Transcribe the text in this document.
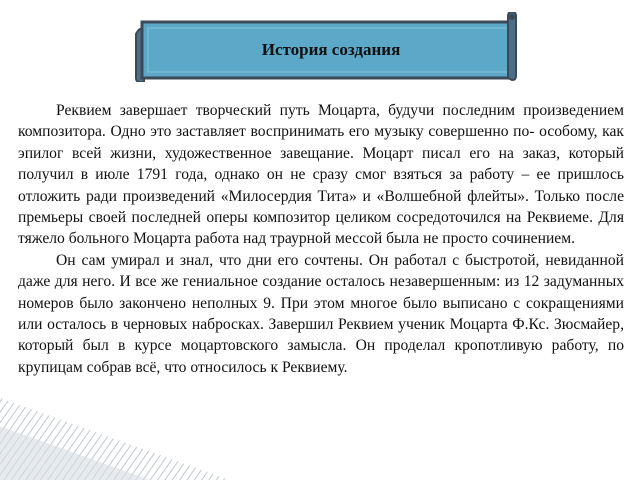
История создания

Реквием завершает творческий путь Моцарта, будучи последним произведением композитора. Одно это заставляет воспринимать его музыку совершенно по- особому, как эпилог всей жизни, художественное завещание. Моцарт писал его на заказ, который получил в июле 1791 года, однако он не сразу смог взяться за работу – ее пришлось отложить ради произведений «Милосердия Тита» и «Волшебной флейты». Только после премьеры своей последней оперы композитор целиком сосредоточился на Реквиеме. Для тяжело больного Моцарта работа над траурной мессой была не просто сочинением.

Он сам умирал и знал, что дни его сочтены. Он работал с быстротой, невиданной даже для него. И все же гениальное создание осталось незавершенным: из 12 задуманных номеров было закончено неполных 9. При этом многое было выписано с сокращениями или осталось в черновых набросках. Завершил Реквием ученик Моцарта Ф.Кс. Зюсмайер, который был в курсе моцартовского замысла. Он проделал кропотливую работу, по крупицам собрав всё, что относилось к Реквиему.
